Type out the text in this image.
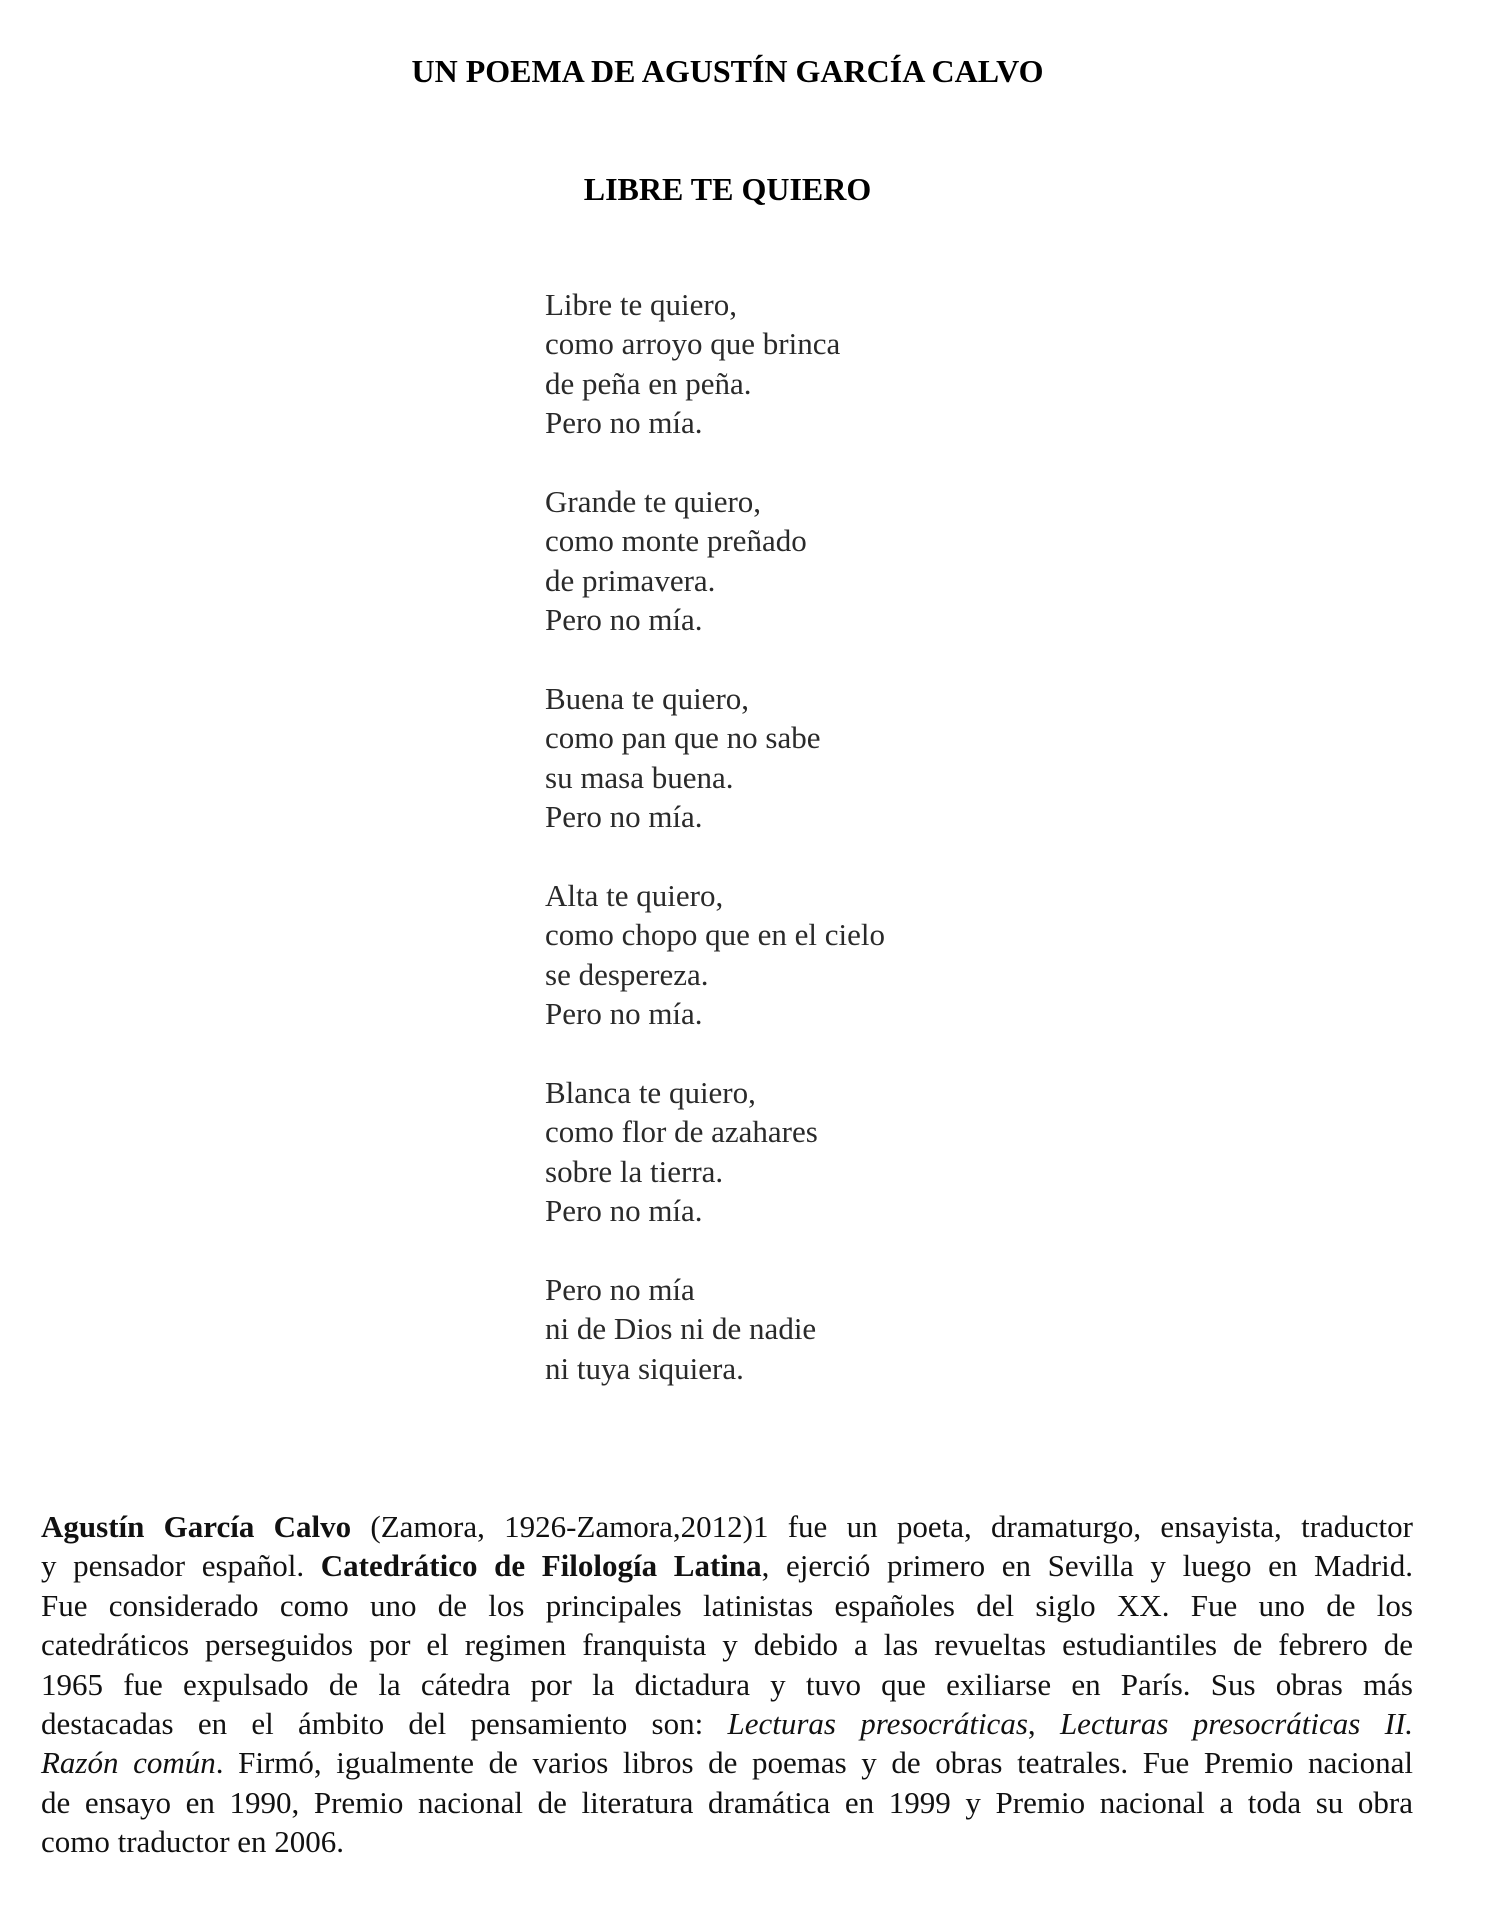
UN POEMA DE AGUSTÍN GARCÍA CALVO
LIBRE TE QUIERO
Libre te quiero,
como arroyo que brinca
de peña en peña.
Pero no mía.
Grande te quiero,
como monte preñado
de primavera.
Pero no mía.
Buena te quiero,
como pan que no sabe
su masa buena.
Pero no mía.
Alta te quiero,
como chopo que en el cielo
se desperezа.
Pero no mía.
Blanca te quiero,
como flor de azahares
sobre la tierra.
Pero no mía.
Pero no mía
ni de Dios ni de nadie
ni tuya siquiera.
Agustín García Calvo (Zamora, 1926-Zamora,2012)1 fue un poeta, dramaturgo, ensayista, traductor
y pensador español. Catedrático de Filología Latina, ejerció primero en Sevilla y luego en Madrid.
Fue considerado como uno de los principales latinistas españoles del siglo XX. Fue uno de los
catedráticos perseguidos por el regimen franquista y debido a las revueltas estudiantiles de febrero de
1965 fue expulsado de la cátedra por la dictadura y tuvo que exiliarse en París. Sus obras más
destacadas en el ámbito del pensamiento son: Lecturas presocráticas, Lecturas presocráticas II.
Razón común. Firmó, igualmente de varios libros de poemas y de obras teatrales. Fue Premio nacional
de ensayo en 1990, Premio nacional de literatura dramática en 1999 y Premio nacional a toda su obra
como traductor en 2006.
